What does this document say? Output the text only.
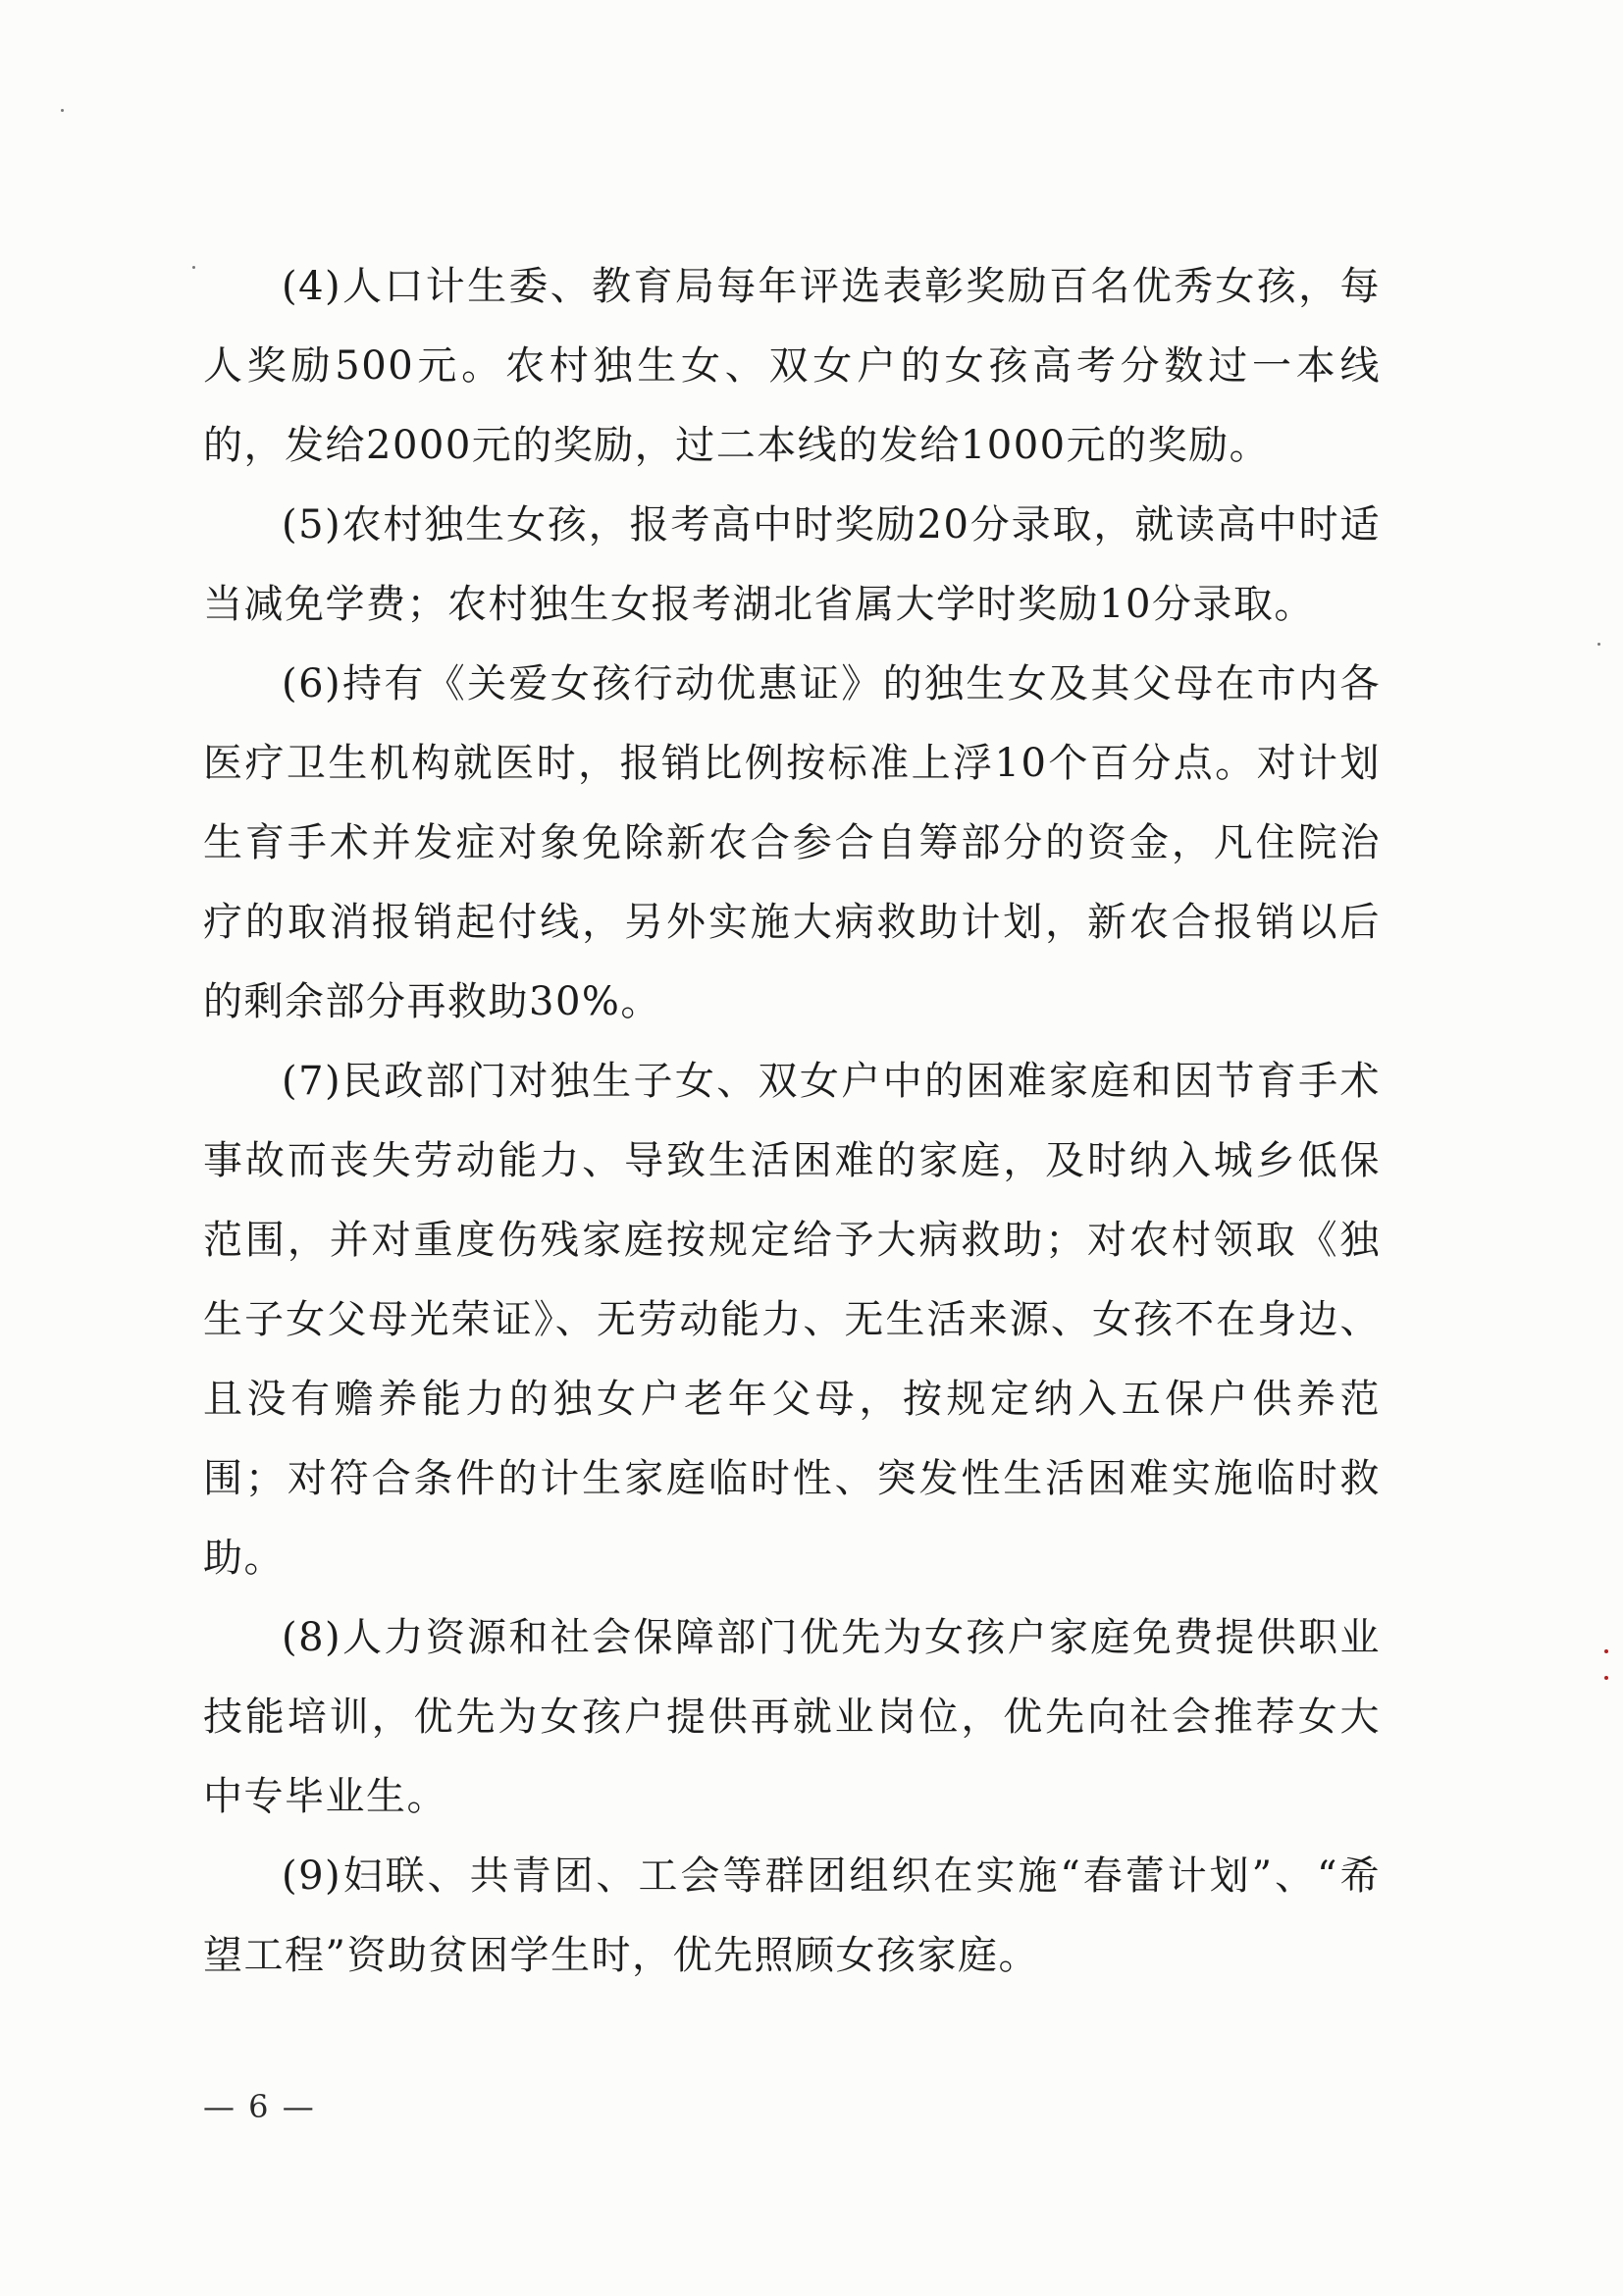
(4)人口计生委、教育局每年评选表彰奖励百名优秀女孩，每人奖励500元。农村独生女、双女户的女孩高考分数过一本线的，发给2000元的奖励，过二本线的发给1000元的奖励。

(5)农村独生女孩，报考高中时奖励20分录取，就读高中时适当减免学费；农村独生女报考湖北省属大学时奖励10分录取。

(6)持有《关爱女孩行动优惠证》的独生女及其父母在市内各医疗卫生机构就医时，报销比例按标准上浮10个百分点。对计划生育手术并发症对象免除新农合参合自筹部分的资金，凡住院治疗的取消报销起付线，另外实施大病救助计划，新农合报销以后的剩余部分再救助30%。

(7)民政部门对独生子女、双女户中的困难家庭和因节育手术事故而丧失劳动能力、导致生活困难的家庭，及时纳入城乡低保范围，并对重度伤残家庭按规定给予大病救助；对农村领取《独生子女父母光荣证》、无劳动能力、无生活来源、女孩不在身边、且没有赡养能力的独女户老年父母，按规定纳入五保户供养范围；对符合条件的计生家庭临时性、突发性生活困难实施临时救助。

(8)人力资源和社会保障部门优先为女孩户家庭免费提供职业技能培训，优先为女孩户提供再就业岗位，优先向社会推荐女大中专毕业生。

(9)妇联、共青团、工会等群团组织在实施“春蕾计划”、“希望工程”资助贫困学生时，优先照顾女孩家庭。

— 6 —
